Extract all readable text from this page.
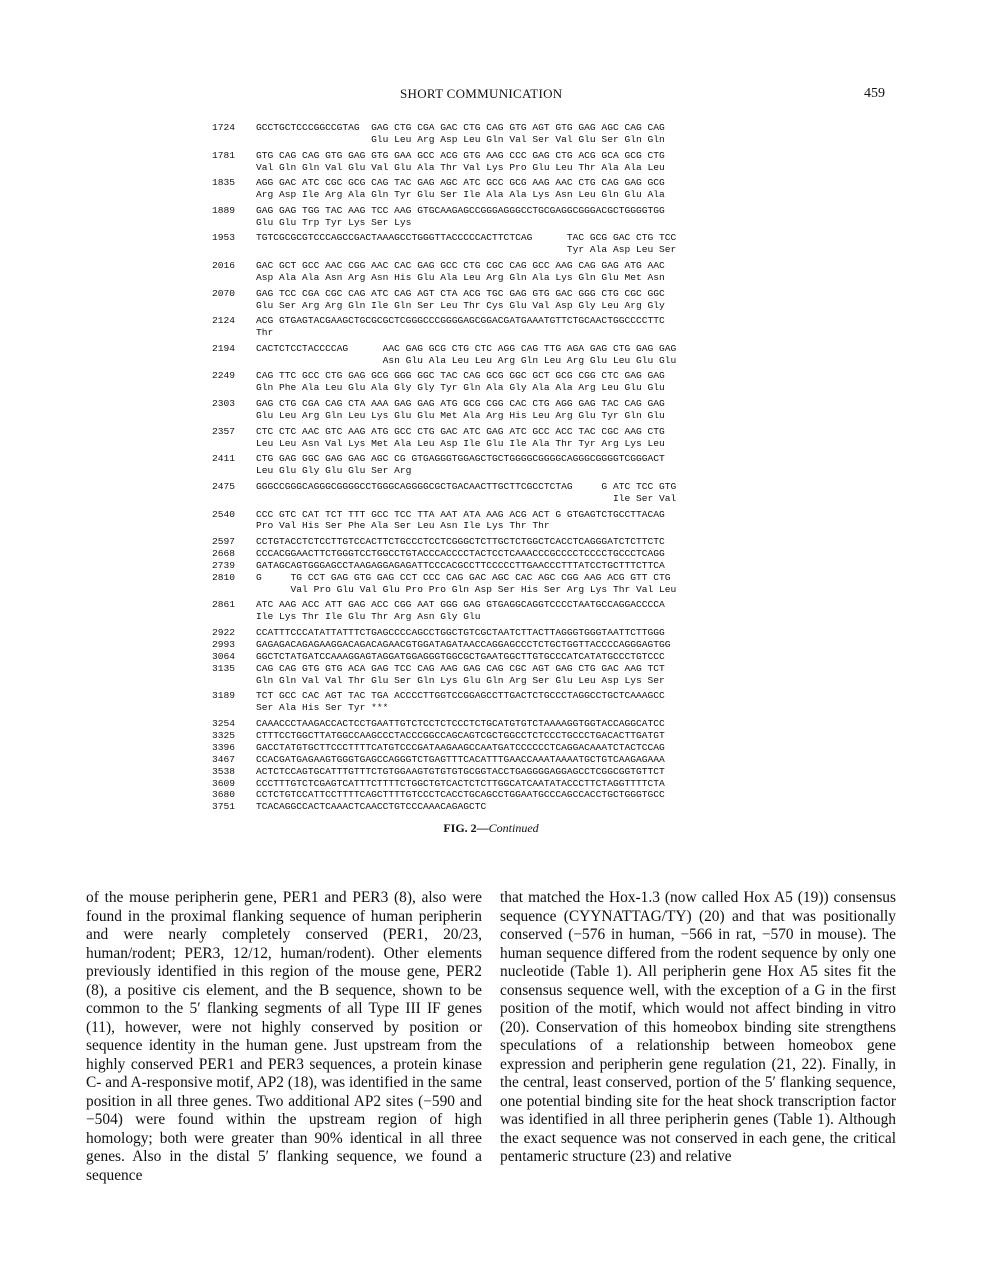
SHORT COMMUNICATION	459
1724	GCCTGCTCCCGGCCGTAG  GAG CTG CGA GAC CTG CAG GTG AGT GTG GAG AGC CAG CAG
Glu Leu Arg Asp Leu Gln Val Ser Val Glu Ser Gln Gln
1781	GTG CAG CAG GTG GAG GTG GAA GCC ACG GTG AAG CCC GAG CTG ACG GCA GCG CTG
Val Gln Gln Val Glu Val Glu Ala Thr Val Lys Pro Glu Leu Thr Ala Ala Leu
1835	AGG GAC ATC CGC GCG CAG TAC GAG AGC ATC GCC GCG AAG AAC CTG CAG GAG GCG
Arg Asp Ile Arg Ala Gln Tyr Glu Ser Ile Ala Ala Lys Asn Leu Gln Glu Ala
1889	GAG GAG TGG TAC AAG TCC AAG GTGCAAGAGCCGGGAGGGCCTGCGAGGCGGGACGCTGGGGTGG
Glu Glu Trp Tyr Lys Ser Lys
1953	TGTCGCGCGTCCCAGCCGACTAAAGCCTGGGTTACCCCCACTTCTCAG      TAC GCG GAC CTG TCC
Tyr Ala Asp Leu Ser
2016	GAC GCT GCC AAC CGG AAC CAC GAG GCC CTG CGC CAG GCC AAG CAG GAG ATG AAC
Asp Ala Ala Asn Arg Asn His Glu Ala Leu Arg Gln Ala Lys Gln Glu Met Asn
2070	GAG TCC CGA CGC CAG ATC CAG AGT CTA ACG TGC GAG GTG GAC GGG CTG CGC GGC
Glu Ser Arg Arg Gln Ile Gln Ser Leu Thr Cys Glu Val Asp Gly Leu Arg Gly
2124	ACG GTGAGTACGAAGCTGCGCGCTCGGGCCCGGGGAGCGGACGATGAAATGTTCTGCAACTGGCCCCTTC
Thr
2194	CACTCTCCTACCCCAG      AAC GAG GCG CTG CTC AGG CAG TTG AGA GAG CTG GAG GAG
Asn Glu Ala Leu Leu Arg Gln Leu Arg Glu Leu Glu Glu
2249	CAG TTC GCC CTG GAG GCG GGG GGC TAC CAG GCG GGC GCT GCG CGG CTC GAG GAG
Gln Phe Ala Leu Glu Ala Gly Gly Tyr Gln Ala Gly Ala Ala Arg Leu Glu Glu
2303	GAG CTG CGA CAG CTA AAA GAG GAG ATG GCG CGG CAC CTG AGG GAG TAC CAG GAG
Glu Leu Arg Gln Leu Lys Glu Glu Met Ala Arg His Leu Arg Glu Tyr Gln Glu
2357	CTC CTC AAC GTC AAG ATG GCC CTG GAC ATC GAG ATC GCC ACC TAC CGC AAG CTG
Leu Leu Asn Val Lys Met Ala Leu Asp Ile Glu Ile Ala Thr Tyr Arg Lys Leu
2411	CTG GAG GGC GAG GAG AGC CG GTGAGGGTGGAGCTGCTGGGGCGGGGCAGGGCGGGGTCGGGACT
Leu Glu Gly Glu Glu Ser Arg
2475	GGGCCGGGCAGGGCGGGGCCTGGGCAGGGGCGCTGACAACTTGCTTCGCCTCTAG     G ATC TCC GTG
Ile Ser Val
2540	CCC GTC CAT TCT TTT GCC TCC TTA AAT ATA AAG ACG ACT G GTGAGTCTGCCTTACAG
Pro Val His Ser Phe Ala Ser Leu Asn Ile Lys Thr Thr
2597	CCTGTACCTCTCCTTGTCCACTTCTGCCCTCCTCGGGCTCTTGCTCTGGCTCACCTCAGGGATCTCTTCTC
2668	CCCACGGAACTTCTGGGTCCTGGCCTGTACCCACCCCTACTCCTCAAACCCGCCCCTCCCCTGCCCTCAGG
2739	GATAGCAGTGGGAGCCTAAGAGGAGAGATTCCCACGCCTTCCCCCTTGAACCCTTTATCCTGCTTTCTTCA
2810	G     TG CCT GAG GTG GAG CCT CCC CAG GAC AGC CAC AGC CGG AAG ACG GTT CTG
Val Pro Glu Val Glu Pro Pro Gln Asp Ser His Ser Arg Lys Thr Val Leu
2861	ATC AAG ACC ATT GAG ACC CGG AAT GGG GAG GTGAGGCAGGTCCCCTAATGCCAGGACCCCA
Ile Lys Thr Ile Glu Thr Arg Asn Gly Glu
2922	CCATTTCCCATATTATTTCTGAGCCCCAGCCTGGCTGTCGCTAATCTTACTTAGGGTGGGTAATTCTTGGG
2993	GAGAGACAGAGAAGGACAGACAGAACGTGGATAGATAACCAGGAGCCCTCTGCTGGTTACCCCAGGGAGTGG
3064	GGCTCTATGATCCAAAGGAGTAGGATGGAGGGTGGCGCTGAATGGCTTGTGCCCATCATATGCCCTGTCCC
3135	CAG CAG GTG GTG ACA GAG TCC CAG AAG GAG CAG CGC AGT GAG CTG GAC AAG TCT
Gln Gln Val Val Thr Glu Ser Gln Lys Glu Gln Arg Ser Glu Leu Asp Lys Ser
3189	TCT GCC CAC AGT TAC TGA ACCCCTTGGTCCGGAGCCTTGACTCTGCCCTAGGCCTGCTCAAAGCC
Ser Ala His Ser Tyr ***
3254	CAAACCCTAAGACCACTCCTGAATTGTCTCCTCTCCCTCTGCATGTGTCTAAAAGGTGGTACCAGGCATCC
3325	CTTTCCTGGCTTATGGCCAAGCCCTACCCGGCCAGCAGTCGCTGGCCTCTCCCTGCCCTGACACTTGATGT
3396	GACCTATGTGCTTCCCTTTTCATGTCCCGATAAGAAGCCAATGATCCCCCCTCAGGACAAATCTACTCCAG
3467	CCACGATGAGAAGTGGGTGAGCCAGGGTCTGAGTTTCACATTTGAACCAAATAAAATGCTGTCAAGAGAAA
3538	ACTCTCCAGTGCATTTGTTTCTGTGGAAGTGTGTGTGCGGTACCTGAGGGGAGGAGCCTCGGCGGTGTTCT
3609	CCCTTTGTCTCGAGTCATTTCTTTTCTGGCTGTCACTCTCTTGGCATCAATATACCCTTCTAGGTTTTCTA
3680	CCTCTGTCCATTCCTTTTCAGCTTTTGTCCCTCACCTGCAGCCTGGAATGCCCAGCCACCTGCTGGGTGCC
3751	TCACAGGCCACTCAAACTCAACCTGTCCCAAACAGAGCTC
FIG. 2—Continued
of the mouse peripherin gene, PER1 and PER3 (8), also were found in the proximal flanking sequence of human peripherin and were nearly completely conserved (PER1, 20/23, human/rodent; PER3, 12/12, human/rodent). Other elements previously identified in this region of the mouse gene, PER2 (8), a positive cis element, and the B sequence, shown to be common to the 5′ flanking segments of all Type III IF genes (11), however, were not highly conserved by position or sequence identity in the human gene. Just upstream from the highly conserved PER1 and PER3 sequences, a protein kinase C- and A-responsive motif, AP2 (18), was identified in the same position in all three genes. Two additional AP2 sites (−590 and −504) were found within the upstream region of high homology; both were greater than 90% identical in all three genes. Also in the distal 5′ flanking sequence, we found a sequence
that matched the Hox-1.3 (now called Hox A5 (19)) consensus sequence (CYYNATTAG/TY) (20) and that was positionally conserved (−576 in human, −566 in rat, −570 in mouse). The human sequence differed from the rodent sequence by only one nucleotide (Table 1). All peripherin gene Hox A5 sites fit the consensus sequence well, with the exception of a G in the first position of the motif, which would not affect binding in vitro (20). Conservation of this homeobox binding site strengthens speculations of a relationship between homeobox gene expression and peripherin gene regulation (21, 22). Finally, in the central, least conserved, portion of the 5′ flanking sequence, one potential binding site for the heat shock transcription factor was identified in all three peripherin genes (Table 1). Although the exact sequence was not conserved in each gene, the critical pentameric structure (23) and relative
